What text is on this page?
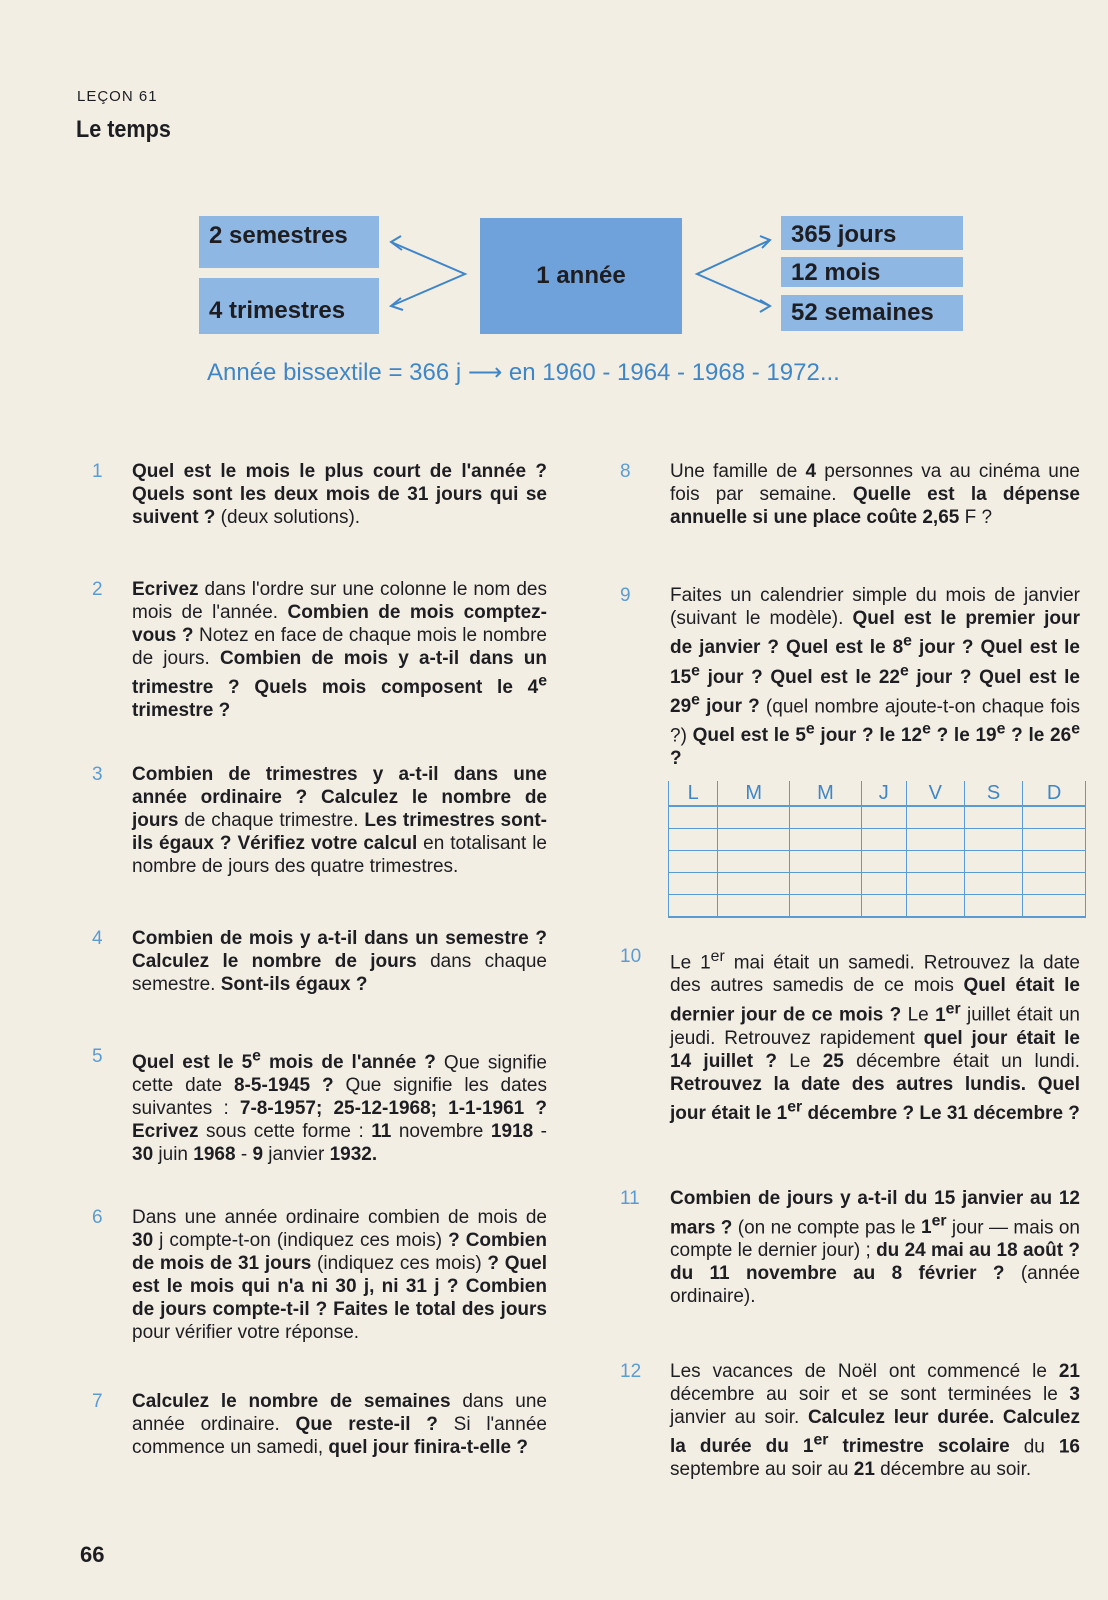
LEÇON 61
Le temps
2 semestres
4 trimestres
1 année
365 jours
12 mois
52 semaines
Année bissextile = 366 j ⟶ en 1960 - 1964 - 1968 - 1972...
1 Quel est le mois le plus court de l'année ? Quels sont les deux mois de 31 jours qui se suivent ? (deux solutions).
2 Ecrivez dans l'ordre sur une colonne le nom des mois de l'année. Combien de mois comptez-vous ? Notez en face de chaque mois le nombre de jours. Combien de mois y a-t-il dans un trimestre ? Quels mois composent le 4e trimestre ?
3 Combien de trimestres y a-t-il dans une année ordinaire ? Calculez le nombre de jours de chaque trimestre. Les trimestres sont-ils égaux ? Vérifiez votre calcul en totalisant le nombre de jours des quatre trimestres.
4 Combien de mois y a-t-il dans un semestre ? Calculez le nombre de jours dans chaque semestre. Sont-ils égaux ?
5 Quel est le 5e mois de l'année ? Que signifie cette date 8-5-1945 ? Que signifie les dates suivantes : 7-8-1957; 25-12-1968; 1-1-1961 ? Ecrivez sous cette forme : 11 novembre 1918 - 30 juin 1968 - 9 janvier 1932.
6 Dans une année ordinaire combien de mois de 30 j compte-t-on (indiquez ces mois) ? Combien de mois de 31 jours (indiquez ces mois) ? Quel est le mois qui n'a ni 30 j, ni 31 j ? Combien de jours compte-t-il ? Faites le total des jours pour vérifier votre réponse.
7 Calculez le nombre de semaines dans une année ordinaire. Que reste-il ? Si l'année commence un samedi, quel jour finira-t-elle ?
8 Une famille de 4 personnes va au cinéma une fois par semaine. Quelle est la dépense annuelle si une place coûte 2,65 F ?
9 Faites un calendrier simple du mois de janvier (suivant le modèle). Quel est le premier jour de janvier ? Quel est le 8e jour ? Quel est le 15e jour ? Quel est le 22e jour ? Quel est le 29e jour ? (quel nombre ajoute-t-on chaque fois ?) Quel est le 5e jour ? le 12e ? le 19e ? le 26e ?
L	M	M	J	V	S	D

10 Le 1er mai était un samedi. Retrouvez la date des autres samedis de ce mois Quel était le dernier jour de ce mois ? Le 1er juillet était un jeudi. Retrouvez rapidement quel jour était le 14 juillet ? Le 25 décembre était un lundi. Retrouvez la date des autres lundis. Quel jour était le 1er décembre ? Le 31 décembre ?
11 Combien de jours y a-t-il du 15 janvier au 12 mars ? (on ne compte pas le 1er jour — mais on compte le dernier jour) ; du 24 mai au 18 août ? du 11 novembre au 8 février ? (année ordinaire).
12 Les vacances de Noël ont commencé le 21 décembre au soir et se sont terminées le 3 janvier au soir. Calculez leur durée. Calculez la durée du 1er trimestre scolaire du 16 septembre au soir au 21 décembre au soir.
66
